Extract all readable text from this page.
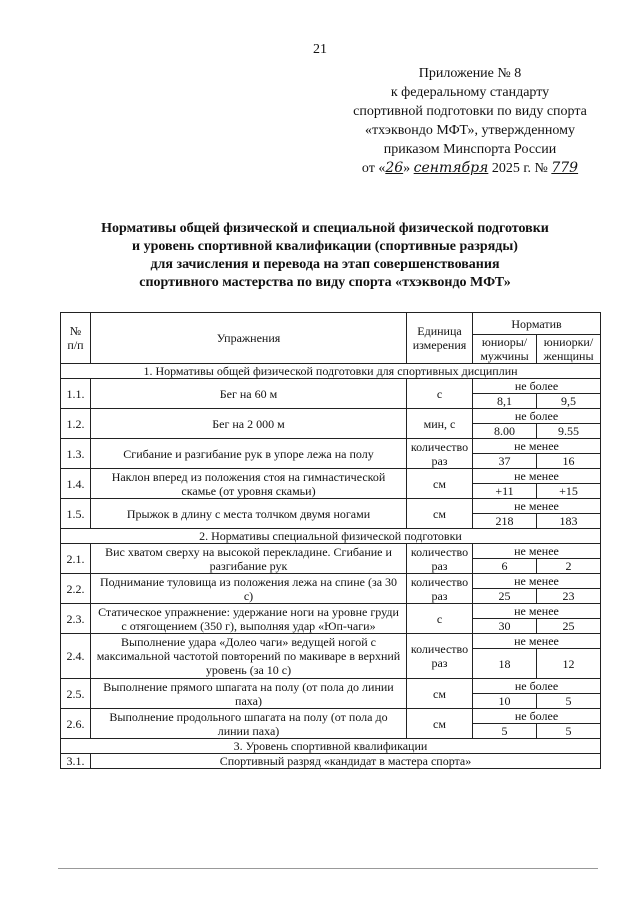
21
Приложение № 8
к федеральному стандарту
спортивной подготовки по виду спорта
«тхэквондо МФТ», утвержденному
приказом Минспорта России
от «26» сентября 2025 г. № 779
Нормативы общей физической и специальной физической подготовки
и уровень спортивной квалификации (спортивные разряды)
для зачисления и перевода на этап совершенствования
спортивного мастерства по виду спорта «тхэквондо МФТ»
№ п/п	Упражнения	Единица измерения	Норматив	
			юниоры/ мужчины	юниорки/ женщины
1. Нормативы общей физической подготовки для спортивных дисциплин				
1.1.	Бег на 60 м	с	не более	
			8,1	9,5
1.2.	Бег на 2 000 м	мин, с	не более	
			8.00	9.55
1.3.	Сгибание и разгибание рук в упоре лежа на полу	количество раз	не менее	
			37	16
1.4.	Наклон вперед из положения стоя на гимнастической скамье (от уровня скамьи)	см	не менее	
			+11	+15
1.5.	Прыжок в длину с места толчком двумя ногами	см	не менее	
			218	183
2. Нормативы специальной физической подготовки				
2.1.	Вис хватом сверху на высокой перекладине. Сгибание и разгибание рук	количество раз	не менее	
			6	2
2.2.	Поднимание туловища из положения лежа на спине (за 30 с)	количество раз	не менее	
			25	23
2.3.	Статическое упражнение: удержание ноги на уровне груди с отягощением (350 г), выполняя удар «Юп-чаги»	с	не менее	
			30	25
2.4.	Выполнение удара «Долео чаги» ведущей ногой с максимальной частотой повторений по макиваре в верхний уровень (за 10 с)	количество раз	не менее	
			18	12
2.5.	Выполнение прямого шпагата на полу (от пола до линии паха)	см	не более	
			10	5
2.6.	Выполнение продольного шпагата на полу (от пола до линии паха)	см	не более	
			5	5
3. Уровень спортивной квалификации				
3.1.	Спортивный разряд «кандидат в мастера спорта»			
